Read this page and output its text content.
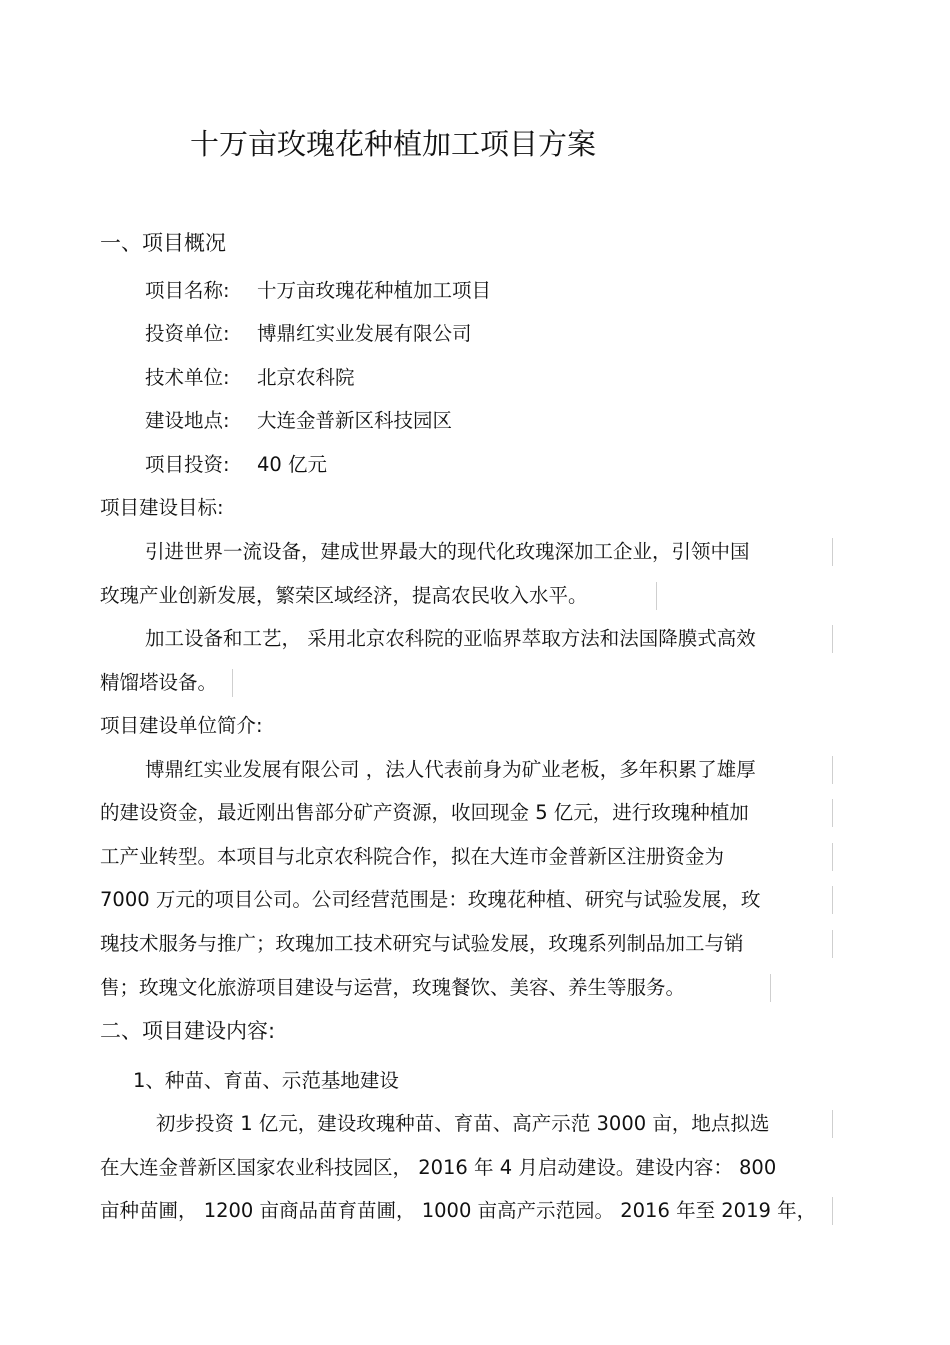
十万亩玫瑰花种植加工项目方案
一、项目概况
项目名称: 十万亩玫瑰花种植加工项目
投资单位: 博鼎红实业发展有限公司
技术单位: 北京农科院
建设地点: 大连金普新区科技园区
项目投资: 40 亿元
项目建设目标:
引进世界一流设备，建成世界最大的现代化玫瑰深加工企业，引领中国
玫瑰产业创新发展，繁荣区域经济，提高农民收入水平。
加工设备和工艺， 采用北京农科院的亚临界萃取方法和法国降膜式高效
精馏塔设备。
项目建设单位简介:
博鼎红实业发展有限公司 ，法人代表前身为矿业老板，多年积累了雄厚
的建设资金，最近刚出售部分矿产资源，收回现金 5 亿元，进行玫瑰种植加
工产业转型。本项目与北京农科院合作，拟在大连市金普新区注册资金为
7000 万元的项目公司。公司经营范围是：玫瑰花种植、研究与试验发展，玫
瑰技术服务与推广；玫瑰加工技术研究与试验发展，玫瑰系列制品加工与销
售；玫瑰文化旅游项目建设与运营，玫瑰餐饮、美容、养生等服务。
二、项目建设内容:
1、种苗、育苗、示范基地建设
初步投资 1 亿元，建设玫瑰种苗、育苗、高产示范 3000 亩，地点拟选
在大连金普新区国家农业科技园区， 2016 年 4 月启动建设。建设内容： 800
亩种苗圃， 1200 亩商品苗育苗圃， 1000 亩高产示范园。 2016 年至 2019 年，
